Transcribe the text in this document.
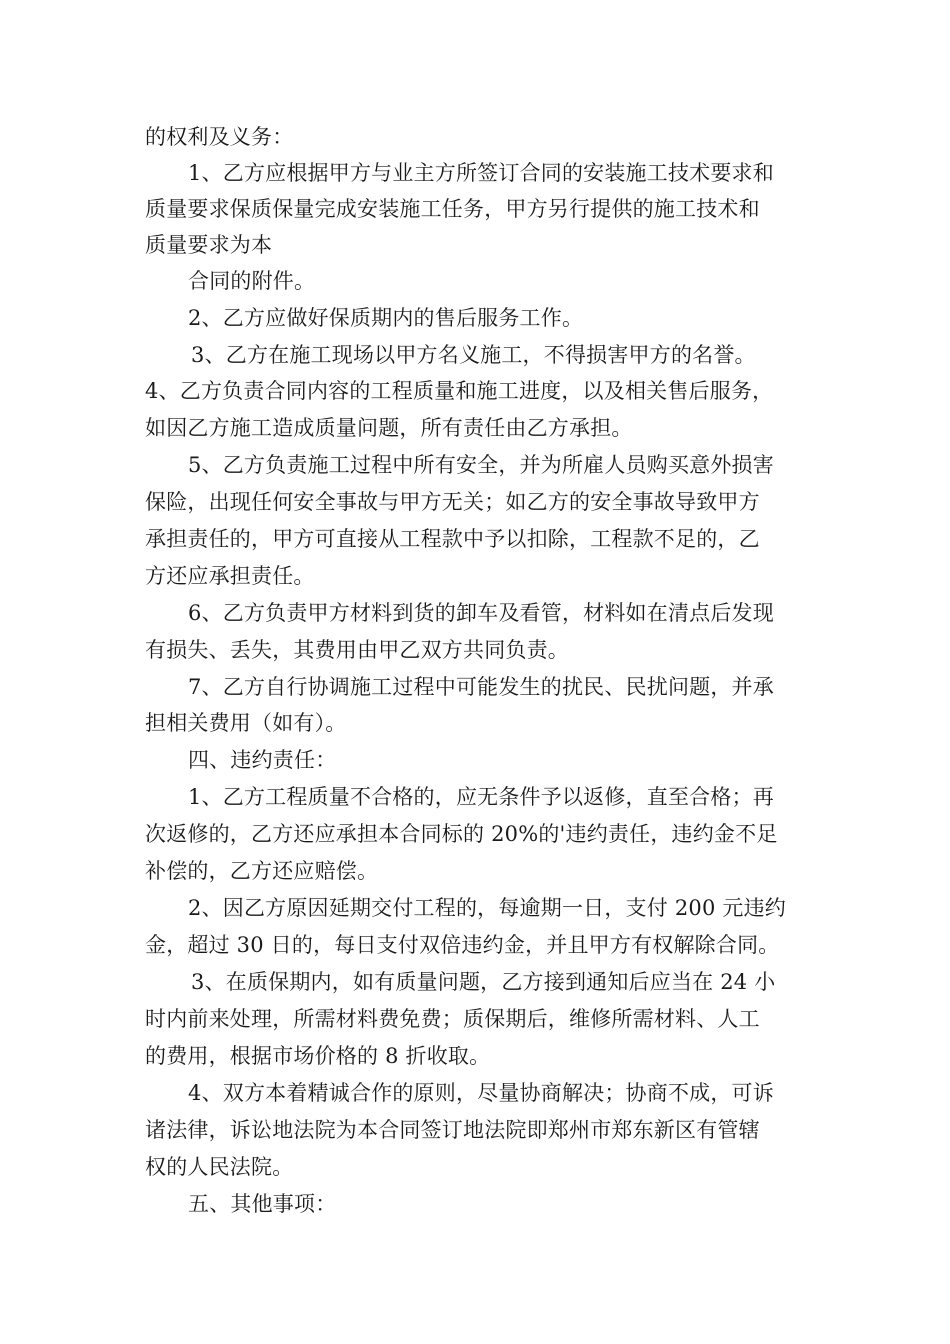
的权利及义务：
1、乙方应根据甲方与业主方所签订合同的安装施工技术要求和
质量要求保质保量完成安装施工任务，甲方另行提供的施工技术和
质量要求为本
合同的附件。
2、乙方应做好保质期内的售后服务工作。
3、乙方在施工现场以甲方名义施工，不得损害甲方的名誉。
4、乙方负责合同内容的工程质量和施工进度，以及相关售后服务，
如因乙方施工造成质量问题，所有责任由乙方承担。
5、乙方负责施工过程中所有安全，并为所雇人员购买意外损害
保险，出现任何安全事故与甲方无关；如乙方的安全事故导致甲方
承担责任的，甲方可直接从工程款中予以扣除，工程款不足的，乙
方还应承担责任。
6、乙方负责甲方材料到货的卸车及看管，材料如在清点后发现
有损失、丢失，其费用由甲乙双方共同负责。
7、乙方自行协调施工过程中可能发生的扰民、民扰问题，并承
担相关费用（如有）。
四、违约责任：
1、乙方工程质量不合格的，应无条件予以返修，直至合格；再
次返修的，乙方还应承担本合同标的 20%的'违约责任，违约金不足
补偿的，乙方还应赔偿。
2、因乙方原因延期交付工程的，每逾期一日，支付 200 元违约
金，超过 30 日的，每日支付双倍违约金，并且甲方有权解除合同。
3、在质保期内，如有质量问题，乙方接到通知后应当在 24 小
时内前来处理，所需材料费免费；质保期后，维修所需材料、人工
的费用，根据市场价格的 8 折收取。
4、双方本着精诚合作的原则，尽量协商解决；协商不成，可诉
诸法律，诉讼地法院为本合同签订地法院即郑州市郑东新区有管辖
权的人民法院。
五、其他事项：
